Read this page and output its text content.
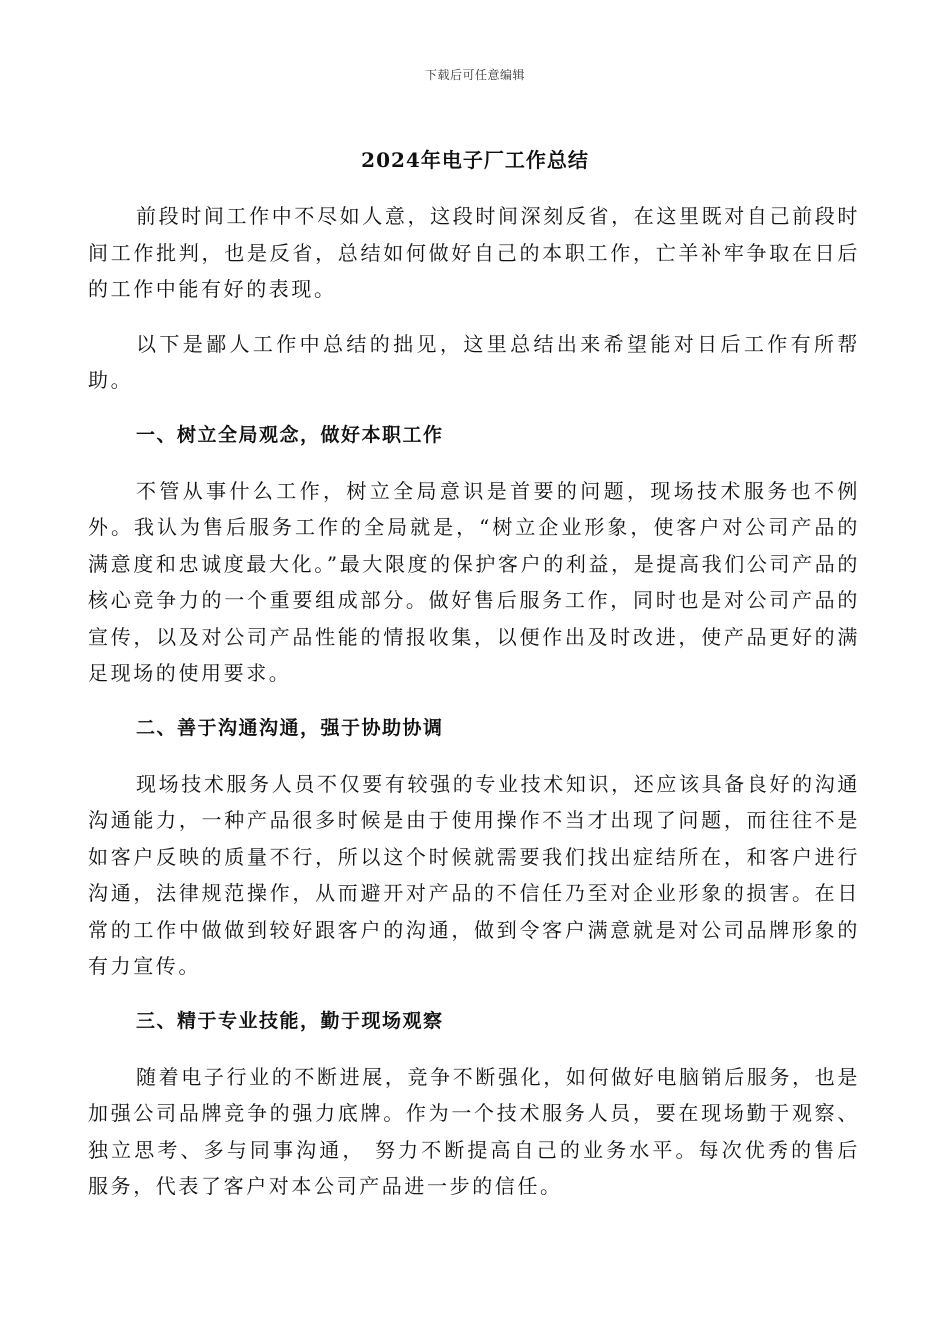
下载后可任意编辑
2024年电子厂工作总结

前段时间工作中不尽如人意，这段时间深刻反省，在这里既对自己前段时间工作批判，也是反省，总结如何做好自己的本职工作，亡羊补牢争取在日后的工作中能有好的表现。

以下是鄙人工作中总结的拙见，这里总结出来希望能对日后工作有所帮助。

一、树立全局观念，做好本职工作

不管从事什么工作，树立全局意识是首要的问题，现场技术服务也不例外。我认为售后服务工作的全局就是，“树立企业形象，使客户对公司产品的满意度和忠诚度最大化。”最大限度的保护客户的利益，是提高我们公司产品的核心竞争力的一个重要组成部分。做好售后服务工作，同时也是对公司产品的宣传，以及对公司产品性能的情报收集，以便作出及时改进，使产品更好的满足现场的使用要求。

二、善于沟通沟通，强于协助协调

现场技术服务人员不仅要有较强的专业技术知识，还应该具备良好的沟通沟通能力，一种产品很多时候是由于使用操作不当才出现了问题，而往往不是如客户反映的质量不行，所以这个时候就需要我们找出症结所在，和客户进行沟通，法律规范操作，从而避开对产品的不信任乃至对企业形象的损害。在日常的工作中做做到较好跟客户的沟通，做到令客户满意就是对公司品牌形象的有力宣传。

三、精于专业技能，勤于现场观察

随着电子行业的不断进展，竞争不断强化，如何做好电脑销后服务，也是加强公司品牌竞争的强力底牌。作为一个技术服务人员，要在现场勤于观察、独立思考、多与同事沟通， 努力不断提高自己的业务水平。每次优秀的售后服务，代表了客户对本公司产品进一步的信任。
